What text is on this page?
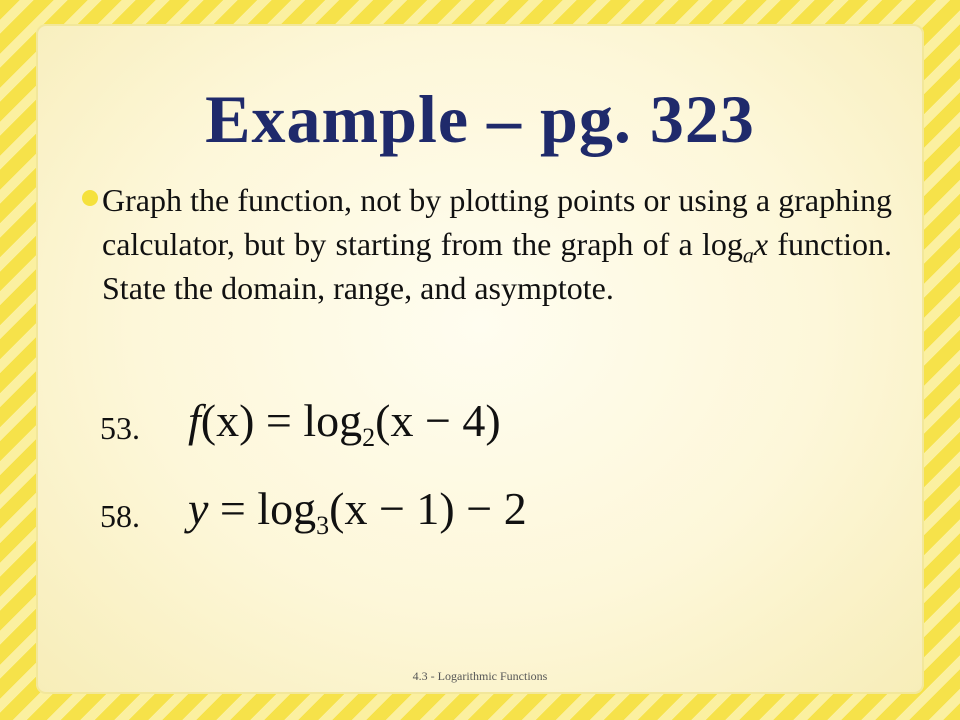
Example – pg. 323
Graph the function, not by plotting points or using a graphing calculator, but by starting from the graph of a $\log_ax$ function. State the domain, range, and asymptote.
53. $f(x) = \log_2(x - 4)$
58. $y = \log_3(x - 1) - 2$
4.3 - Logarithmic Functions
